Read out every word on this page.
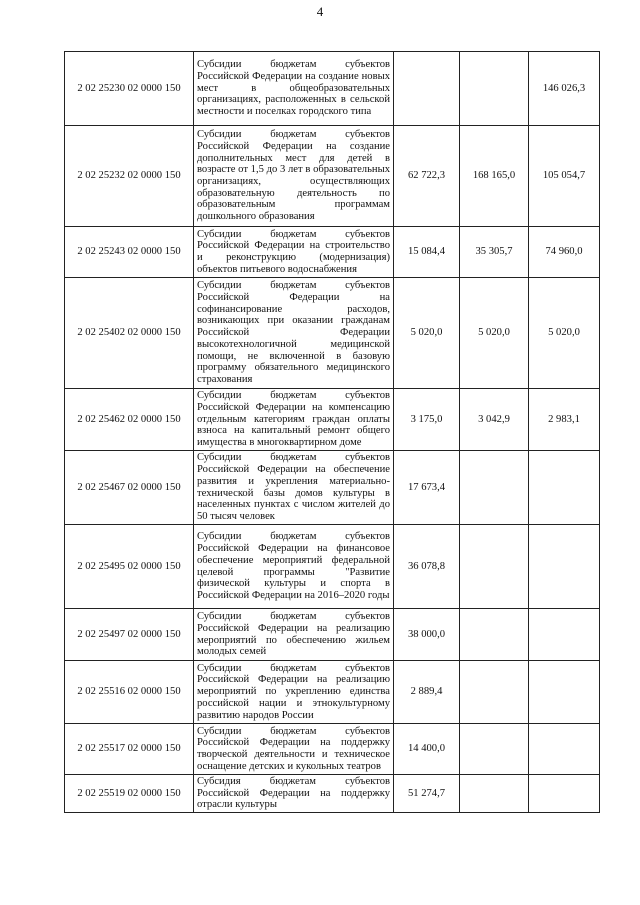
4
2 02 25230 02 0000 150	Субсидии бюджетам субъектов Российской Федерации на создание новых мест в общеобразовательных организациях, расположенных в сельской местности и поселках городского типа			146 026,3
2 02 25232 02 0000 150	Субсидии бюджетам субъектов Российской Федерации на создание дополнительных мест для детей в возрасте от 1,5 до 3 лет в образовательных организациях, осуществляющих образовательную деятельность по образовательным программам дошкольного образования	62 722,3	168 165,0	105 054,7
2 02 25243 02 0000 150	Субсидии бюджетам субъектов Российской Федерации на строительство и реконструкцию (модернизация) объектов питьевого водоснабжения	15 084,4	35 305,7	74 960,0
2 02 25402 02 0000 150	Субсидии бюджетам субъектов Российской Федерации на софинансирование расходов, возникающих при оказании гражданам Российской Федерации высокотехнологичной медицинской помощи, не включенной в базовую программу обязательного медицинского страхования	5 020,0	5 020,0	5 020,0
2 02 25462 02 0000 150	Субсидии бюджетам субъектов Российской Федерации на компенсацию отдельным категориям граждан оплаты взноса на капитальный ремонт общего имущества в многоквартирном доме	3 175,0	3 042,9	2 983,1
2 02 25467 02 0000 150	Субсидии бюджетам субъектов Российской Федерации на обеспечение развития и укрепления материально-технической базы домов культуры в населенных пунктах с числом жителей до 50 тысяч человек	17 673,4		
2 02 25495 02 0000 150	Субсидии бюджетам субъектов Российской Федерации на финансовое обеспечение мероприятий федеральной целевой программы "Развитие физической культуры и спорта в Российской Федерации на 2016–2020 годы	36 078,8		
2 02 25497 02 0000 150	Субсидии бюджетам субъектов Российской Федерации на реализацию мероприятий по обеспечению жильем молодых семей	38 000,0		
2 02 25516 02 0000 150	Субсидии бюджетам субъектов Российской Федерации на реализацию мероприятий по укреплению единства российской нации и этнокультурному развитию народов России	2 889,4		
2 02 25517 02 0000 150	Субсидии бюджетам субъектов Российской Федерации на поддержку творческой деятельности и техническое оснащение детских и кукольных театров	14 400,0		
2 02 25519 02 0000 150	Субсидия бюджетам субъектов Российской Федерации на поддержку отрасли культуры	51 274,7		
